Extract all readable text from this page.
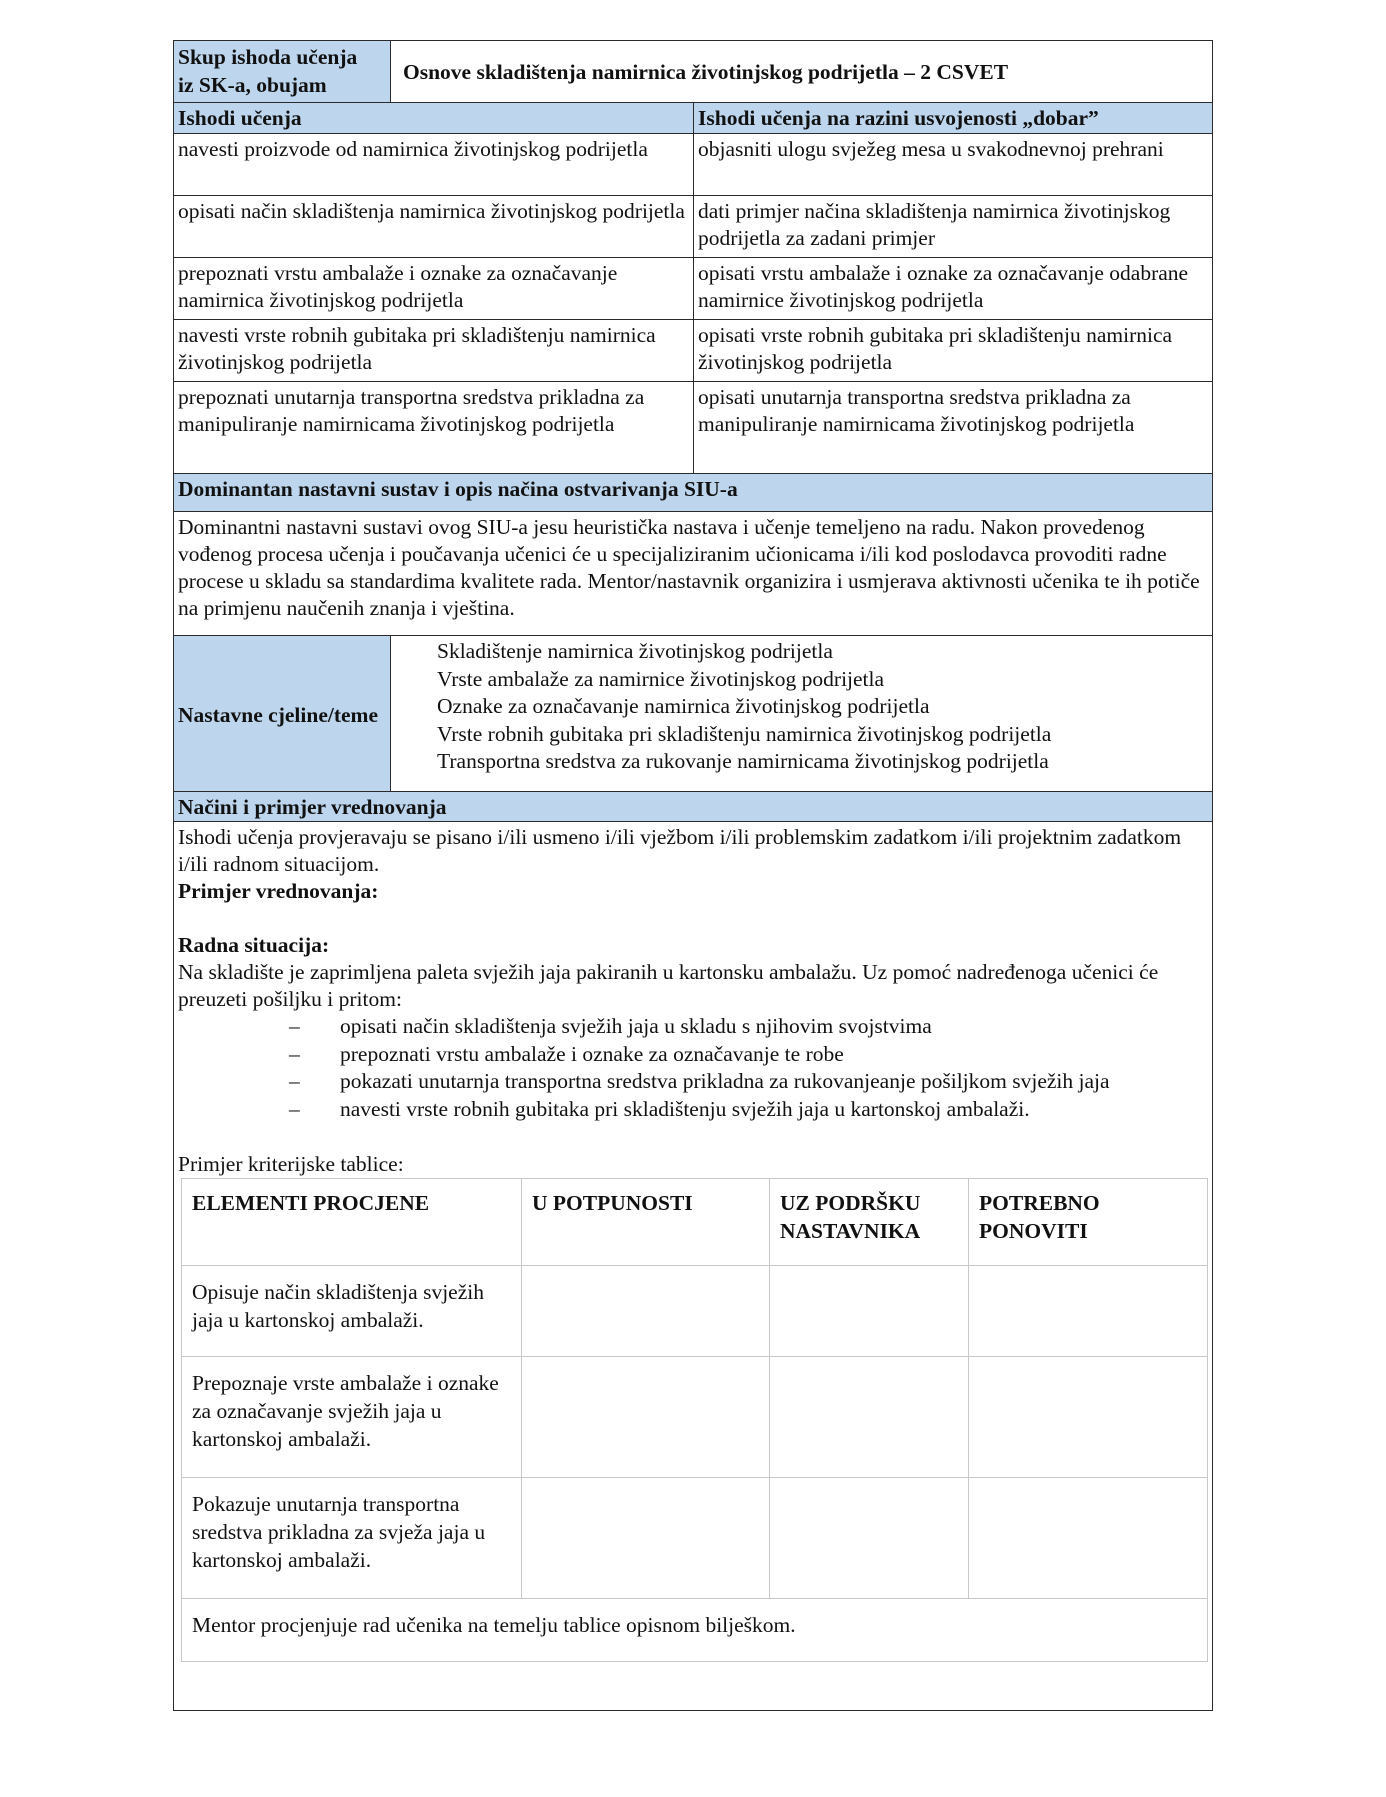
Skup ishoda učenja
iz SK-a, obujam
	Osnove skladištenja namirnica životinjskog podrijetla – 2 CSVET
Ishodi učenja	Ishodi učenja na razini usvojenosti „dobar”
navesti proizvode od namirnica životinjskog podrijetla	objasniti ulogu svježeg mesa u svakodnevnoj prehrani
opisati način skladištenja namirnica životinjskog podrijetla	dati primjer načina skladištenja namirnica životinjskog podrijetla za zadani primjer
prepoznati vrstu ambalaže i oznake za označavanje namirnica životinjskog podrijetla	opisati vrstu ambalaže i oznake za označavanje odabrane namirnice životinjskog podrijetla
navesti vrste robnih gubitaka pri skladištenju namirnica životinjskog podrijetla	opisati vrste robnih gubitaka pri skladištenju namirnica životinjskog podrijetla
prepoznati unutarnja transportna sredstva prikladna za manipuliranje namirnicama životinjskog podrijetla	opisati unutarnja transportna sredstva prikladna za manipuliranje namirnicama životinjskog podrijetla
Dominantan nastavni sustav i opis načina ostvarivanja SIU-a
Dominantni nastavni sustavi ovog SIU-a jesu heuristička nastava i učenje temeljeno na radu. Nakon provedenog vođenog procesa učenja i poučavanja učenici će u specijaliziranim učionicama i/ili kod poslodavca provoditi radne procese u skladu sa standardima kvalitete rada. Mentor/nastavnik organizira i usmjerava aktivnosti učenika te ih potiče na primjenu naučenih znanja i vještina.
Nastavne cjeline/teme	
Skladištenje namirnica životinjskog podrijetla
Vrste ambalaže za namirnice životinjskog podrijetla
Oznake za označavanje namirnica životinjskog podrijetla
Vrste robnih gubitaka pri skladištenju namirnica životinjskog podrijetla
Transportna sredstva za rukovanje namirnicama životinjskog podrijetla

Načini i primjer vrednovanja

Ishodi učenja provjeravaju se pisano i/ili usmeno i/ili vježbom i/ili problemskim zadatkom i/ili projektnim zadatkom i/ili radnom situacijom.

Primjer vrednovanja:

Radna situacija:

Na skladište je zaprimljena paleta svježih jaja pakiranih u kartonsku ambalažu. Uz pomoć nadređenoga učenici će preuzeti pošiljku i pritom:

– opisati način skladištenja svježih jaja u skladu s njihovim svojstvima
– prepoznati vrstu ambalaže i oznake za označavanje te robe
– pokazati unutarnja transportna sredstva prikladna za rukovanjeanje pošiljkom svježih jaja
– navesti vrste robnih gubitaka pri skladištenju svježih jaja u kartonskoj ambalaži.

Primjer kriterijske tablice:

ELEMENTI PROCJENE	U POTPUNOSTI	UZ PODRŠKU NASTAVNIKA	POTREBNO PONOVITI
Opisuje način skladištenja svježih jaja u kartonskoj ambalaži.			
Prepoznaje vrste ambalaže i oznake za označavanje svježih jaja u kartonskoj ambalaži.			
Pokazuje unutarnja transportna sredstva prikladna za svježa jaja u kartonskoj ambalaži.			
Mentor procjenjuje rad učenika na temelju tablice opisnom bilješkom.
